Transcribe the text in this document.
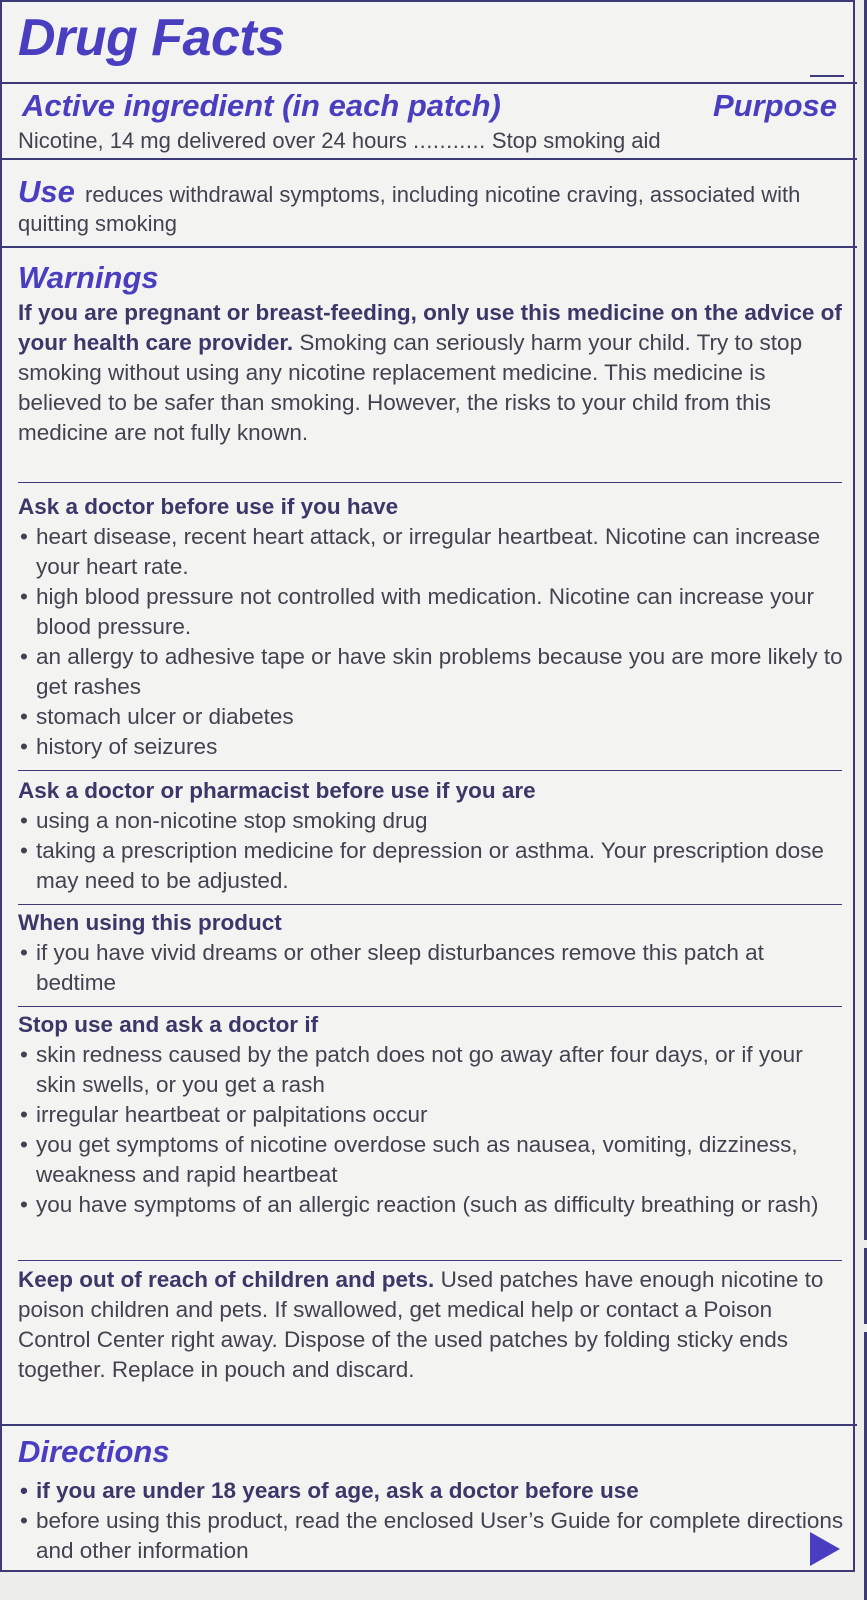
Drug Facts
Active ingredient (in each patch)	Purpose
Nicotine, 14 mg delivered over 24 hours ........... Stop smoking aid
Use reduces withdrawal symptoms, including nicotine craving, associated with quitting smoking
Warnings
If you are pregnant or breast-feeding, only use this medicine on the advice of your health care provider. Smoking can seriously harm your child. Try to stop smoking without using any nicotine replacement medicine. This medicine is believed to be safer than smoking. However, the risks to your child from this medicine are not fully known.
Ask a doctor before use if you have
• heart disease, recent heart attack, or irregular heartbeat. Nicotine can increase your heart rate.
• high blood pressure not controlled with medication. Nicotine can increase your blood pressure.
• an allergy to adhesive tape or have skin problems because you are more likely to get rashes
• stomach ulcer or diabetes
• history of seizures
Ask a doctor or pharmacist before use if you are
• using a non-nicotine stop smoking drug
• taking a prescription medicine for depression or asthma. Your prescription dose may need to be adjusted.
When using this product
• if you have vivid dreams or other sleep disturbances remove this patch at bedtime
Stop use and ask a doctor if
• skin redness caused by the patch does not go away after four days, or if your skin swells, or you get a rash
• irregular heartbeat or palpitations occur
• you get symptoms of nicotine overdose such as nausea, vomiting, dizziness, weakness and rapid heartbeat
• you have symptoms of an allergic reaction (such as difficulty breathing or rash)
Keep out of reach of children and pets. Used patches have enough nicotine to poison children and pets. If swallowed, get medical help or contact a Poison Control Center right away. Dispose of the used patches by folding sticky ends together. Replace in pouch and discard.
Directions
• if you are under 18 years of age, ask a doctor before use
• before using this product, read the enclosed User’s Guide for complete directions and other information
